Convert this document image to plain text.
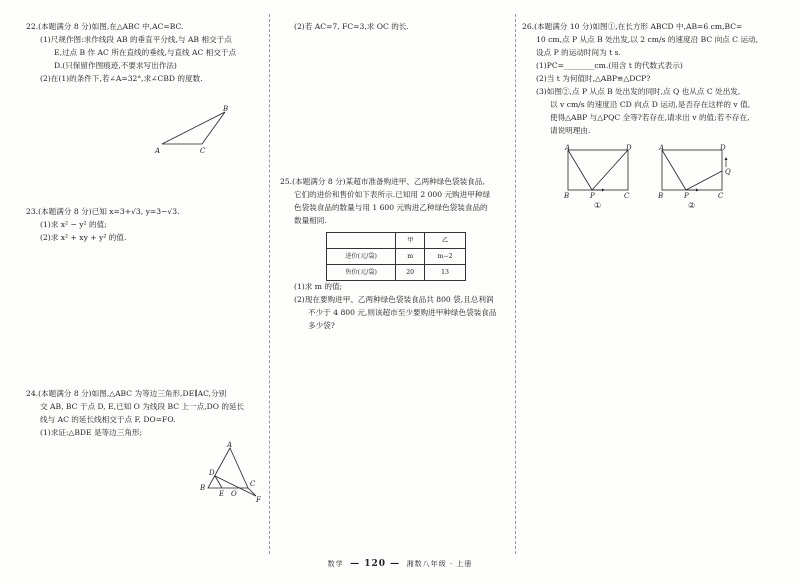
22.(本题满分 8 分)如图,在△ABC 中,AC=BC.

(1)尺规作图:求作线段 AB 的垂直平分线,与 AB 相交于点

E,过点 B 作 AC 所在直线的垂线,与直线 AC 相交于点

D.(只保留作图痕迹,不要求写出作法)

(2)在(1)的条件下,若∠A=32°,求∠CBD 的度数.

A
B
C

23.(本题满分 8 分)已知 x=3+√3, y=3−√3.

(1)求 x² − y² 的值;

(2)求 x² + xy + y² 的值.

24.(本题满分 8 分)如图,△ABC 为等边三角形,DE∥AC,分别

交 AB, BC 于点 D, E,已知 O 为线段 BC 上一点,DO 的延长

线与 AC 的延长线相交于点 F, DO=FO.

(1)求证:△BDE 是等边三角形;

A
B	C
D
E O
F

(2)若 AC=7, FC=3,求 OC 的长.

25.(本题满分 8 分)某超市准备购进甲、乙两种绿色袋装食品,

它们的进价和售价如下表所示.已知用 2 000 元购进甲种绿

色袋装食品的数量与用 1 600 元购进乙种绿色袋装食品的

数量相同.

	甲	乙
进价(元/袋)	m	m−2
售价(元/袋)	20	13

(1)求 m 的值;

(2)现在要购进甲、乙两种绿色袋装食品共 800 袋,且总利润

不少于 4 800 元,则该超市至少要购进甲种绿色袋装食品

多少袋?

26.(本题满分 10 分)如图①,在长方形 ABCD 中,AB=6 cm,BC=

10 cm,点 P 从点 B 处出发,以 2 cm/s 的速度沿 BC 向点 C 运动,

设点 P 的运动时间为 t s.

(1)PC=________cm.(用含 t 的代数式表示)

(2)当 t 为何值时,△ABP≌△DCP?

(3)如图②,点 P 从点 B 处出发的同时,点 Q 也从点 C 处出发,

以 v cm/s 的速度沿 CD 向点 D 运动,是否存在这样的 v 值,

使得△ABP 与△PQC 全等?若存在,请求出 v 的值;若不存在,

请说明理由.

A	D
B	P	C
①
A	D
Q
B	P	C
②
数学 — 120 — 湘数八年级 · 上册
